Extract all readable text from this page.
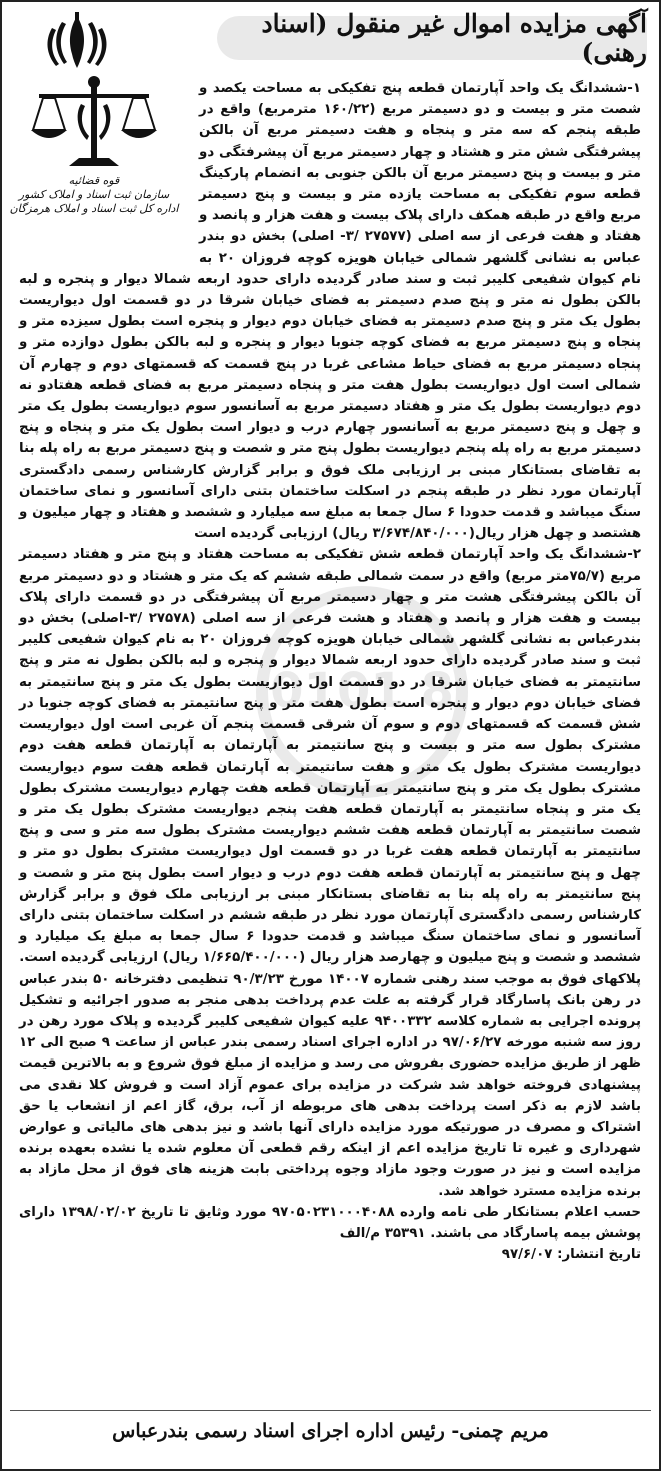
آگهی مزایده اموال غیر منقول (اسناد رهنی)
قوه قضائیه
سازمان ثبت اسناد و املاک کشور
اداره کل ثبت اسناد و املاک هرمزگان
0101 8

۱-ششدانگ یک واحد آپارتمان قطعه پنج تفکیکی به مساحت یکصد و شصت متر و بیست و دو دسیمتر مربع (۱۶۰/۲۲ مترمربع) واقع در طبقه پنجم که سه متر و پنجاه و هفت دسیمتر مربع آن بالکن پیشرفتگی شش متر و هشتاد و چهار دسیمتر مربع آن پیشرفتگی دو متر و بیست و پنج دسیمتر مربع آن بالکن جنوبی به انضمام پارکینگ قطعه سوم تفکیکی به مساحت یازده متر و بیست و پنج دسیمتر مربع واقع در طبقه همکف دارای پلاک بیست و هفت هزار و پانصد و هفتاد و هفت فرعی از سه اصلی (۲۷۵۷۷ /۳- اصلی) بخش دو بندر عباس به نشانی گلشهر شمالی خیابان هویزه کوچه فروزان ۲۰ به نام کیوان شفیعی کلیبر ثبت و سند صادر گردیده دارای حدود اربعه شمالا دیوار و پنجره و لبه بالکن بطول نه متر و پنج صدم دسیمتر به فضای خیابان شرقا در دو قسمت اول دیواریست بطول یک متر و پنج صدم دسیمتر به فضای خیابان دوم دیوار و پنجره است بطول سیزده متر و پنجاه و پنج دسیمتر مربع به فضای کوچه جنوبا دیوار و پنجره و لبه بالکن بطول دوازده متر و پنجاه دسیمتر مربع به فضای حیاط مشاعی غربا در پنج قسمت که قسمتهای دوم و چهارم آن شمالی است اول دیواریست بطول هفت متر و پنجاه دسیمتر مربع به فضای قطعه هفتادو نه دوم دیواریست بطول یک متر و هفتاد دسیمتر مربع به آسانسور سوم دیواریست بطول یک متر و چهل و پنج دسیمتر مربع به آسانسور چهارم درب و دیوار است بطول یک متر و پنجاه و پنج دسیمتر مربع به راه پله پنجم دیواریست بطول پنج متر و شصت و پنج دسیمتر مربع به راه پله بنا به تقاضای بستانکار مبنی بر ارزیابی ملک فوق و برابر گزارش کارشناس رسمی دادگستری آپارتمان مورد نظر در طبقه پنجم در اسکلت ساختمان بتنی دارای آسانسور و نمای ساختمان سنگ میباشد و قدمت حدودا ۶ سال جمعا به مبلغ سه میلیارد و ششصد و هفتاد و چهار میلیون و هشتصد و چهل هزار ریال(۳/۶۷۴/۸۴۰/۰۰۰ ریال) ارزیابی گردیده است

۲-ششدانگ یک واحد آپارتمان قطعه شش تفکیکی به مساحت هفتاد و پنج متر و هفتاد دسیمتر مربع (۷۵/۷متر مربع) واقع در سمت شمالی طبقه ششم که یک متر و هشتاد و دو دسیمتر مربع آن بالکن پیشرفتگی هشت متر و چهار دسیمتر مربع آن پیشرفتگی در دو قسمت دارای پلاک بیست و هفت هزار و پانصد و هفتاد و هشت فرعی از سه اصلی (۲۷۵۷۸ /۳-اصلی) بخش دو بندرعباس به نشانی گلشهر شمالی خیابان هویزه کوچه فروزان ۲۰ به نام کیوان شفیعی کلیبر ثبت و سند صادر گردیده دارای حدود اربعه شمالا دیوار و پنجره و لبه بالکن بطول نه متر و پنج سانتیمتر به فضای خیابان شرقا در دو قسمت اول دیواریست بطول یک متر و پنج سانتیمتر به فضای خیابان دوم دیوار و پنجره است بطول هفت متر و پنج سانتیمتر به فضای کوچه جنوبا در شش قسمت که قسمتهای دوم و سوم آن شرقی قسمت پنجم آن غربی است اول دیواریست مشترک بطول سه متر و بیست و پنج سانتیمتر به آپارتمان به آپارتمان قطعه هفت دوم دیواریست مشترک بطول یک متر و هفت سانتیمتر به آپارتمان قطعه هفت سوم دیواریست مشترک بطول یک متر و پنج سانتیمتر به آپارتمان قطعه هفت چهارم دیواریست مشترک بطول یک متر و پنجاه سانتیمتر به آپارتمان قطعه هفت پنجم دیواریست مشترک بطول یک متر و شصت سانتیمتر به آپارتمان قطعه هفت ششم دیواریست مشترک بطول سه متر و سی و پنج سانتیمتر به آپارتمان قطعه هفت غربا در دو قسمت اول دیواریست مشترک بطول دو متر و چهل و پنج سانتیمتر به آپارتمان قطعه هفت دوم درب و دیوار است بطول پنج متر و شصت و پنج سانتیمتر به راه پله بنا به تقاضای بستانکار مبنی بر ارزیابی ملک فوق و برابر گزارش کارشناس رسمی دادگستری آپارتمان مورد نظر در طبقه ششم در اسکلت ساختمان بتنی دارای آسانسور و نمای ساختمان سنگ میباشد و قدمت حدودا ۶ سال جمعا به مبلغ یک میلیارد و ششصد و شصت و پنج میلیون و چهارصد هزار ریال (۱/۶۶۵/۴۰۰/۰۰۰ ریال) ارزیابی گردیده است.

پلاکهای فوق به موجب سند رهنی شماره ۱۴۰۰۷ مورخ ۹۰/۳/۲۳ تنظیمی دفترخانه ۵۰ بندر عباس در رهن بانک پاسارگاد قرار گرفته به علت عدم پرداخت بدهی منجر به صدور اجرائیه و تشکیل پرونده اجرایی به شماره کلاسه ۹۴۰۰۳۳۲ علیه کیوان شفیعی کلیبر گردیده و پلاک مورد رهن در روز سه شنبه مورخه ۹۷/۰۶/۲۷ در اداره اجرای اسناد رسمی بندر عباس از ساعت ۹ صبح الی ۱۲ ظهر از طریق مزایده حضوری بفروش می رسد و مزایده از مبلغ فوق شروع و به بالاترین قیمت پیشنهادی فروخته خواهد شد شرکت در مزایده برای عموم آزاد است و فروش کلا نقدی می باشد لازم به ذکر است پرداخت بدهی های مربوطه از آب، برق، گاز اعم از انشعاب یا حق اشتراک و مصرف در صورتیکه مورد مزایده دارای آنها باشد و نیز بدهی های مالیاتی و عوارض شهرداری و غیره تا تاریخ مزایده اعم از اینکه رقم قطعی آن معلوم شده یا نشده بعهده برنده مزایده است و نیز در صورت وجود مازاد وجوه پرداختی بابت هزینه های فوق از محل مازاد به برنده مزایده مسترد خواهد شد.

حسب اعلام بستانکار طی نامه وارده ۹۷۰۵۰۲۳۱۰۰۰۴۰۸۸ مورد وثایق تا تاریخ ۱۳۹۸/۰۲/۰۲ دارای پوشش بیمه پاسارگاد می باشند. ۳۵۳۹۱ م/الف

تاریخ انتشار: ۹۷/۶/۰۷

مریم چمنی- رئیس اداره اجرای اسناد رسمی بندرعباس
